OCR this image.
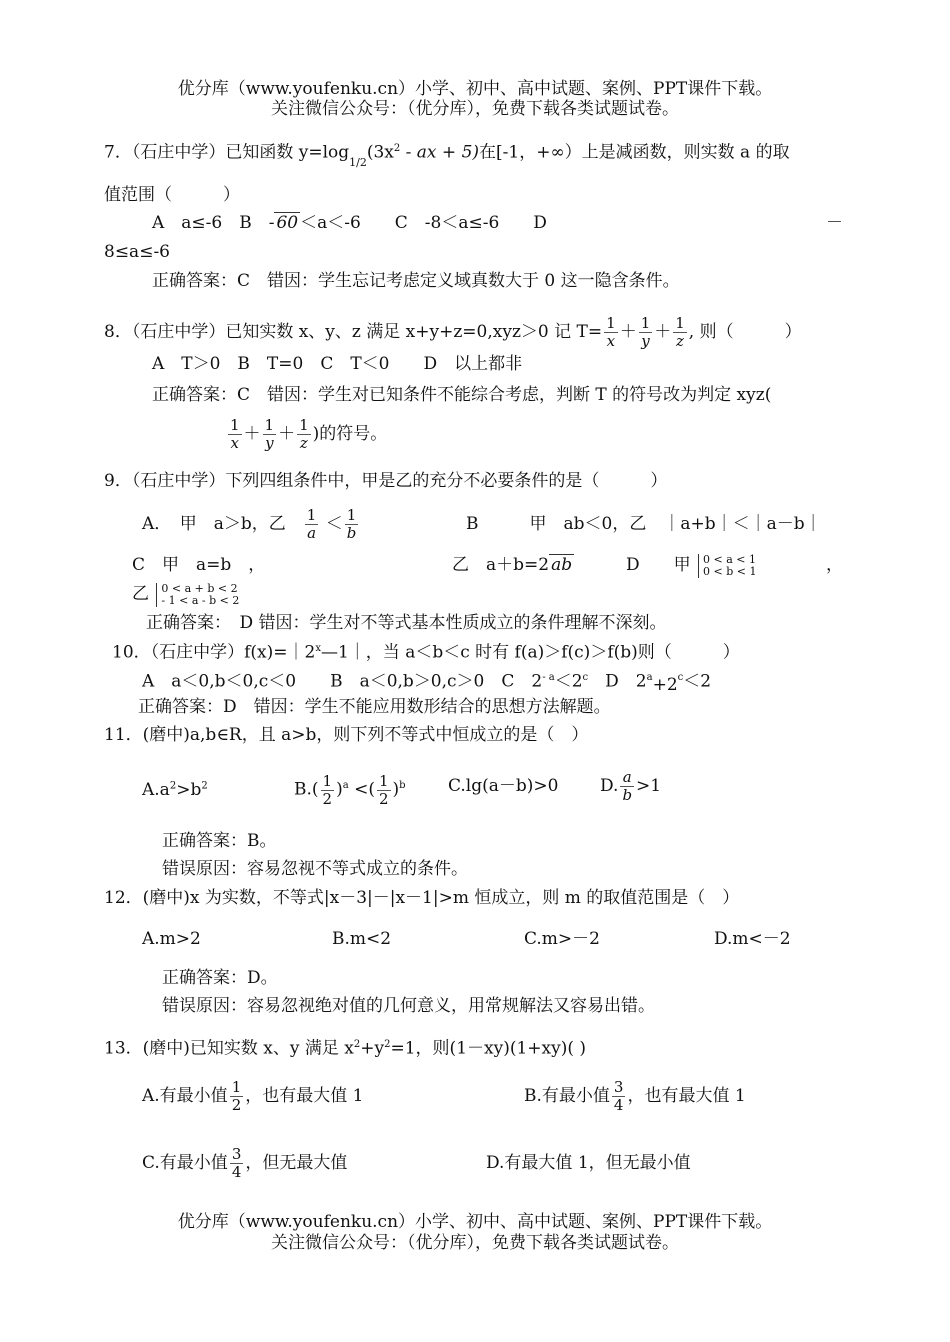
优分库（www.youfenku.cn）小学、初中、高中试题、案例、PPT课件下载。
关注微信公众号：（优分库），免费下载各类试题试卷。
7．（石庄中学）已知函数 $y=\log_{1/2}(3x^2$ - ax + 5)在[-1，+∞）上是减函数，则实数 a 的取
值范围（　　　）
A　a≤-6　B　- 60 ＜a＜-6　　C　-8＜a≤-6　　D	－
8≤a≤-6
正确答案：C　错因：学生忘记考虑定义域真数大于 0 这一隐含条件。
8．（石庄中学）已知实数 x、y、z 满足 x+y+z=0,xyz＞0 记 $T= \frac{1}{x} + \frac{1}{y} + \frac{1}{z}$ , 则（　　　）
A　T＞0　B　T=0　C　T＜0　　D　以上都非
正确答案：C　错因：学生对已知条件不能综合考虑，判断 T 的符号改为判定 xyz(
$\frac{1}{x} + \frac{1}{y} + \frac{1}{z}$ )的符号。
9．（石庄中学）下列四组条件中，甲是乙的充分不必要条件的是（　　　）
A．　甲　a＞b，乙　 $\frac{1}{a} < \frac{1}{b}$	B　　　甲　ab＜0，乙　｜a+b｜＜｜a－b｜
C　甲　a=b　，	乙　a＋b=2 ab	D　　甲 0 < a < 1
0 < b < 1	，
乙 0 < a + b < 2
- 1 < a - b < 2
正确答案：　D 错因：学生对不等式基本性质成立的条件理解不深刻。
10．（石庄中学）$f(x)=|2^x—1|$，当 a＜b＜c 时有 f(a)＞f(c)＞f(b)则（　　　）
A　a＜0,b＜0,c＜0　　B　a＜0,b＞0,c＞0　C　$2^{- a}<2^c$　D　$2^a+2^c<2$
正确答案：D　错因：学生不能应用数形结合的思想方法解题。
11．(磨中)a,b∈R，且 a>b，则下列不等式中恒成立的是（　）
$A.a^2>b^2$	$B.( \frac{1}{2} )^a$ <( $\frac{1}{2} )^b$ C.lg(a－b)>0 D. $\frac{a}{b} >1$
正确答案：B。
错误原因：容易忽视不等式成立的条件。
12．(磨中)x 为实数，不等式|x－3|－|x－1|>m 恒成立，则 m 的取值范围是（　）
A.m>2	B.m<2	C.m>－2	D.m<－2
正确答案：D。
错误原因：容易忽视绝对值的几何意义，用常规解法又容易出错。
13．(磨中)已知实数 x、y 满足 $x^2+y^2=1$，则(1－xy)(1+xy)( )
A.有最小值 $\frac{1}{2}$ ，也有最大值 1	B.有最小值 $\frac{3}{4}$ ，也有最大值 1
C.有最小值 $\frac{3}{4}$ ，但无最大值	D.有最大值 1，但无最小值
优分库（www.youfenku.cn）小学、初中、高中试题、案例、PPT课件下载。
关注微信公众号：（优分库），免费下载各类试题试卷。
